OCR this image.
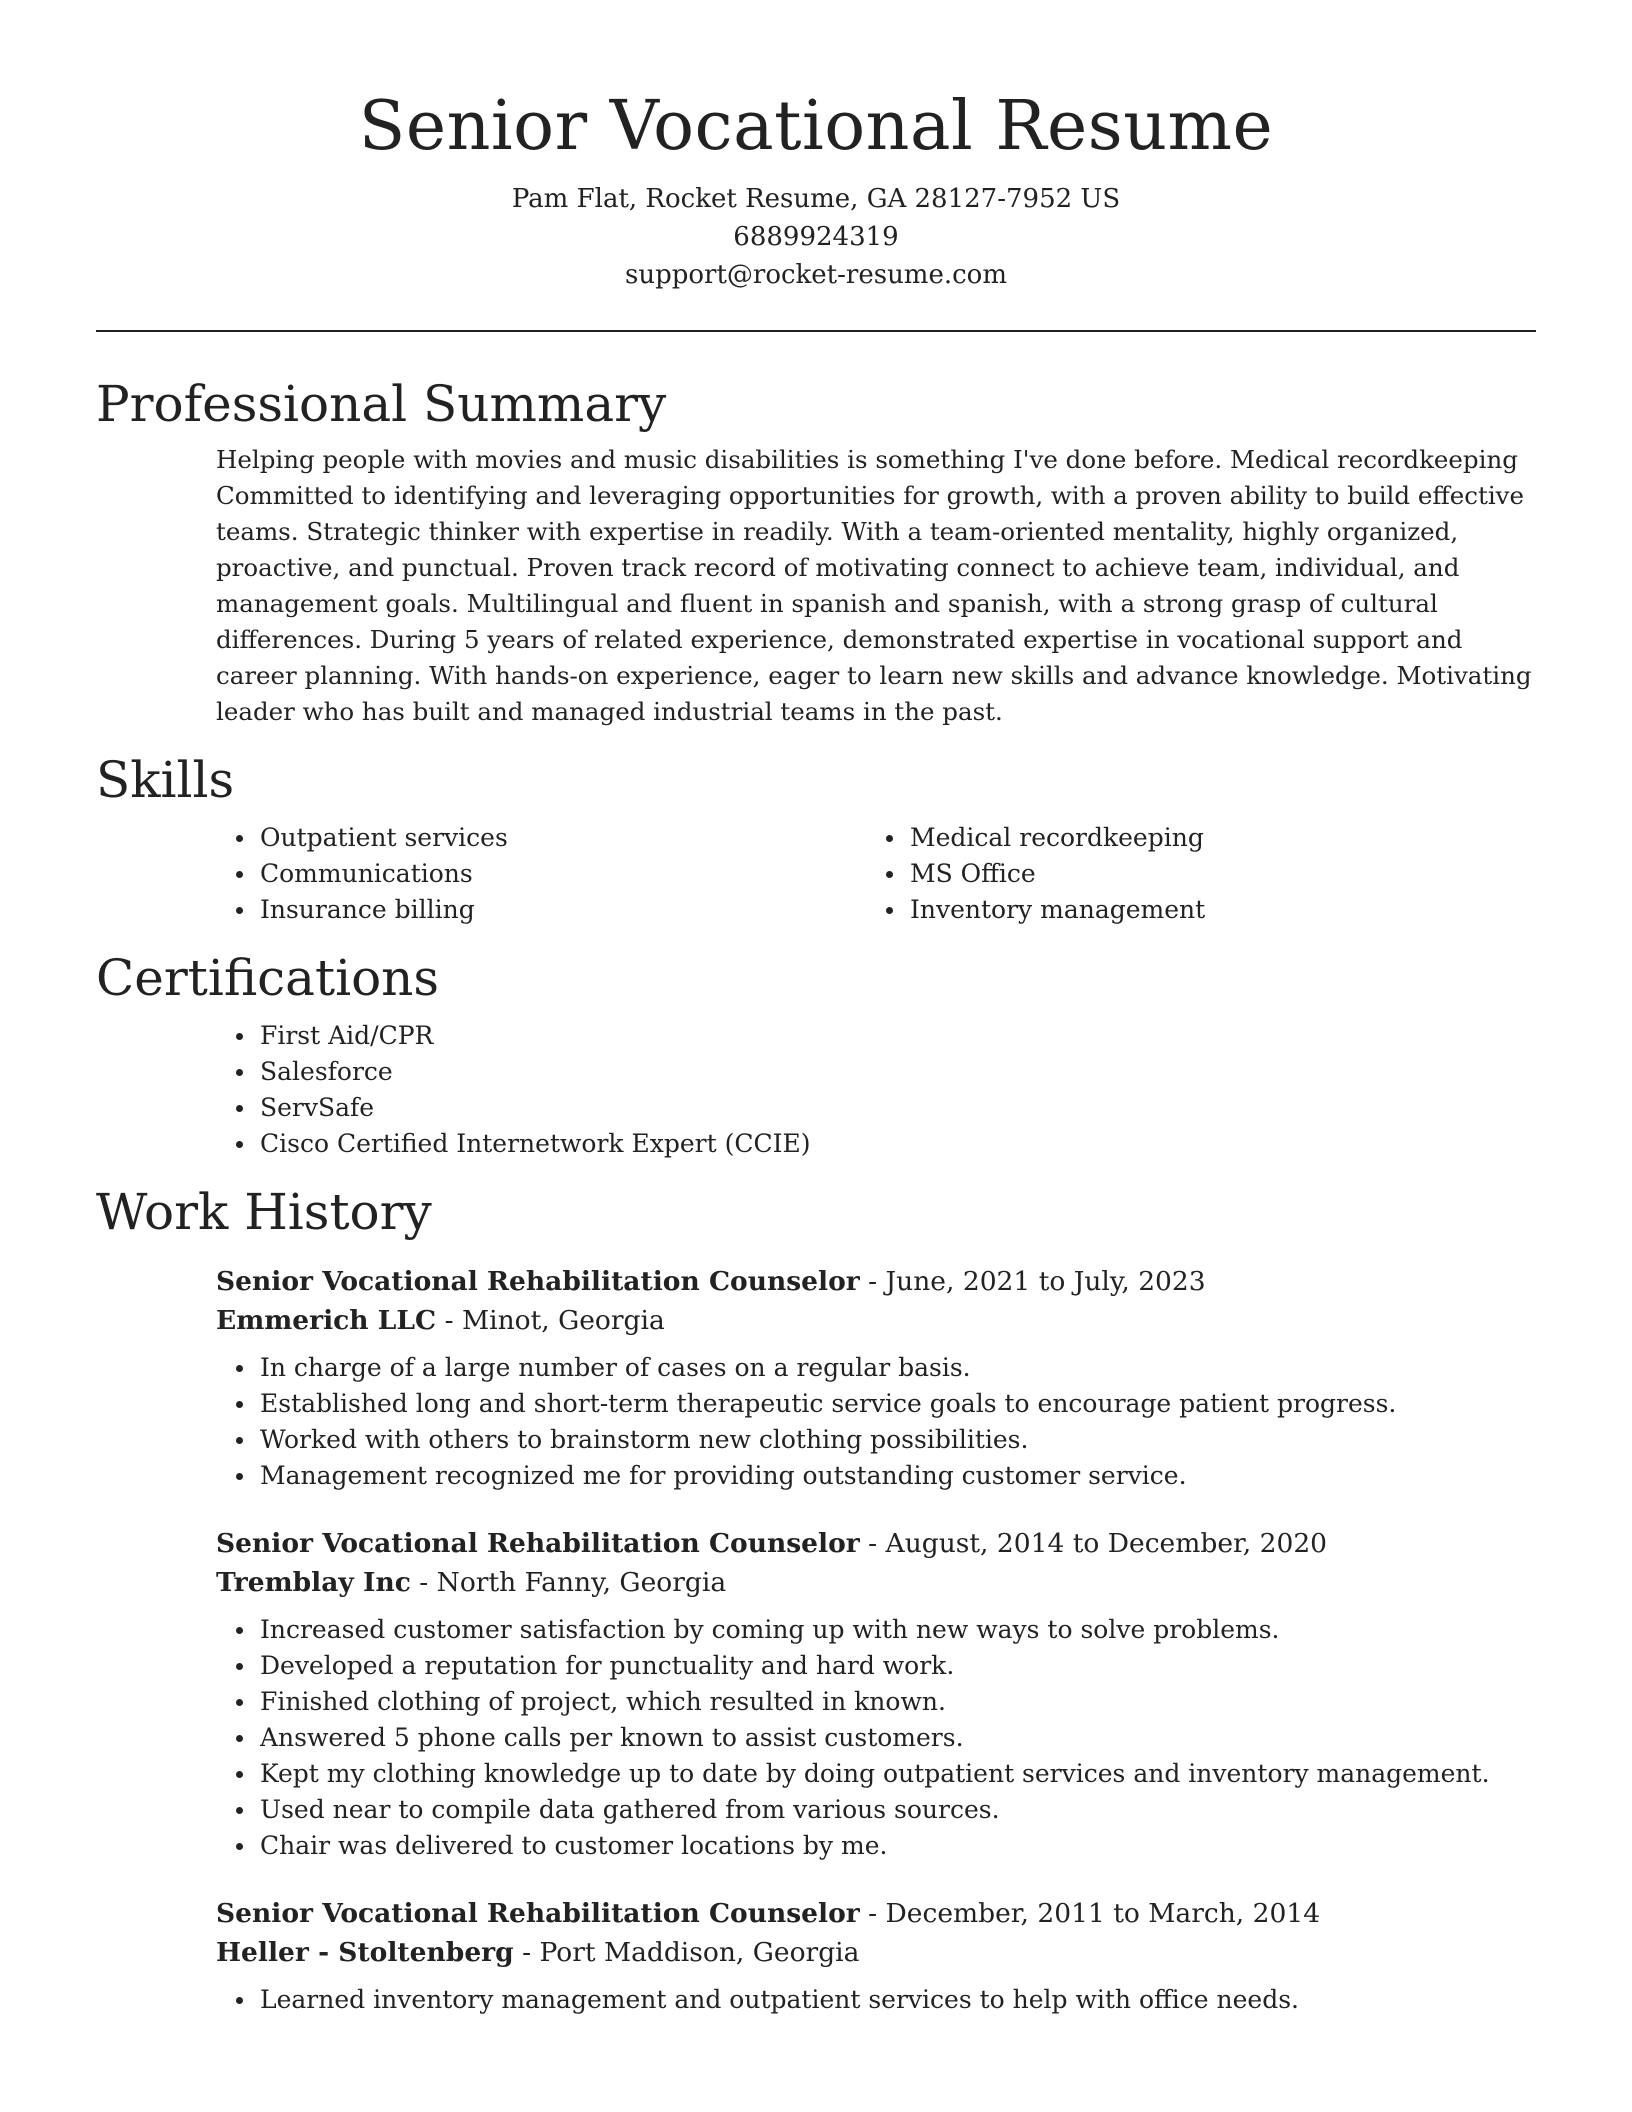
Senior Vocational Resume
Pam Flat, Rocket Resume, GA 28127-7952 US
6889924319
support@rocket-resume.com
Professional Summary
Helping people with movies and music disabilities is something I've done before. Medical recordkeeping Committed to identifying and leveraging opportunities for growth, with a proven ability to build effective teams. Strategic thinker with expertise in readily. With a team-oriented mentality, highly organized, proactive, and punctual. Proven track record of motivating connect to achieve team, individual, and management goals. Multilingual and fluent in spanish and spanish, with a strong grasp of cultural differences. During 5 years of related experience, demonstrated expertise in vocational support and career planning. With hands-on experience, eager to learn new skills and advance knowledge. Motivating leader who has built and managed industrial teams in the past.
Skills
Outpatient services
Communications
Insurance billing
Medical recordkeeping
MS Office
Inventory management
Certifications
First Aid/CPR
Salesforce
ServSafe
Cisco Certified Internetwork Expert (CCIE)
Work History
Senior Vocational Rehabilitation Counselor - June, 2021 to July, 2023
Emmerich LLC - Minot, Georgia
In charge of a large number of cases on a regular basis.
Established long and short-term therapeutic service goals to encourage patient progress.
Worked with others to brainstorm new clothing possibilities.
Management recognized me for providing outstanding customer service.
Senior Vocational Rehabilitation Counselor - August, 2014 to December, 2020
Tremblay Inc - North Fanny, Georgia
Increased customer satisfaction by coming up with new ways to solve problems.
Developed a reputation for punctuality and hard work.
Finished clothing of project, which resulted in known.
Answered 5 phone calls per known to assist customers.
Kept my clothing knowledge up to date by doing outpatient services and inventory management.
Used near to compile data gathered from various sources.
Chair was delivered to customer locations by me.
Senior Vocational Rehabilitation Counselor - December, 2011 to March, 2014
Heller - Stoltenberg - Port Maddison, Georgia
Learned inventory management and outpatient services to help with office needs.
